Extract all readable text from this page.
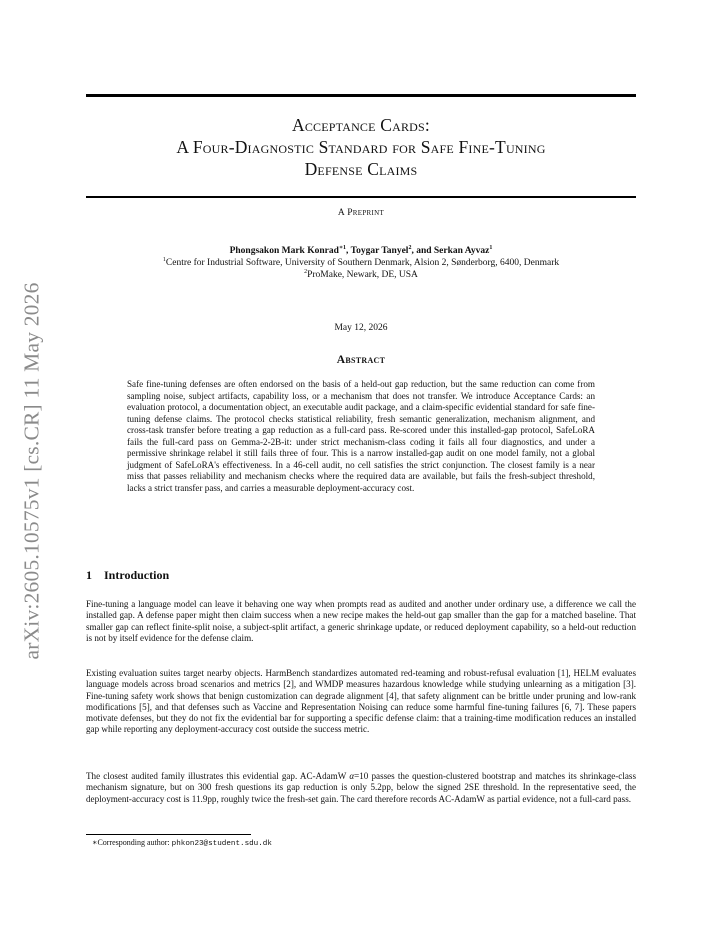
arXiv:2605.10575v1 [cs.CR] 11 May 2026
Acceptance Cards:
A Four-Diagnostic Standard for Safe Fine-Tuning
Defense Claims
A Preprint
Phongsakon Mark Konrad$^{∗1}$, Toygar Tanyel$^2$, and Serkan Ayvaz$^1$
$^1$Centre for Industrial Software, University of Southern Denmark, Alsion 2, Sønderborg, 6400, Denmark
$^2$ProMake, Newark, DE, USA
May 12, 2026
Abstract
Safe fine-tuning defenses are often endorsed on the basis of a held-out gap reduction, but the same reduction can come from sampling noise, subject artifacts, capability loss, or a mechanism that does not transfer. We introduce Acceptance Cards: an evaluation protocol, a documentation object, an executable audit package, and a claim-specific evidential standard for safe fine-tuning defense claims. The protocol checks statistical reliability, fresh semantic generalization, mechanism alignment, and cross-task transfer before treating a gap reduction as a full-card pass. Re-scored under this installed-gap protocol, SafeLoRA fails the full-card pass on Gemma-2-2B-it: under strict mechanism-class coding it fails all four diagnostics, and under a permissive shrinkage relabel it still fails three of four. This is a narrow installed-gap audit on one model family, not a global judgment of SafeLoRA's effectiveness. In a 46-cell audit, no cell satisfies the strict conjunction. The closest family is a near miss that passes reliability and mechanism checks where the required data are available, but fails the fresh-subject threshold, lacks a strict transfer pass, and carries a measurable deployment-accuracy cost.
1 Introduction
Fine-tuning a language model can leave it behaving one way when prompts read as audited and another under ordinary use, a difference we call the installed gap. A defense paper might then claim success when a new recipe makes the held-out gap smaller than the gap for a matched baseline. That smaller gap can reflect finite-split noise, a subject-split artifact, a generic shrinkage update, or reduced deployment capability, so a held-out reduction is not by itself evidence for the defense claim.
Existing evaluation suites target nearby objects. HarmBench standardizes automated red-teaming and robust-refusal evaluation [1], HELM evaluates language models across broad scenarios and metrics [2], and WMDP measures hazardous knowledge while studying unlearning as a mitigation [3]. Fine-tuning safety work shows that benign customization can degrade alignment [4], that safety alignment can be brittle under pruning and low-rank modifications [5], and that defenses such as Vaccine and Representation Noising can reduce some harmful fine-tuning failures [6, 7]. These papers motivate defenses, but they do not fix the evidential bar for supporting a specific defense claim: that a training-time modification reduces an installed gap while reporting any deployment-accuracy cost outside the success metric.
The closest audited family illustrates this evidential gap. AC-AdamW α=10 passes the question-clustered bootstrap and matches its shrinkage-class mechanism signature, but on 300 fresh questions its gap reduction is only 5.2pp, below the signed 2SE threshold. In the representative seed, the deployment-accuracy cost is 11.9pp, roughly twice the fresh-set gain. The card therefore records AC-AdamW as partial evidence, not a full-card pass.
∗Corresponding author: phkon23@student.sdu.dk
